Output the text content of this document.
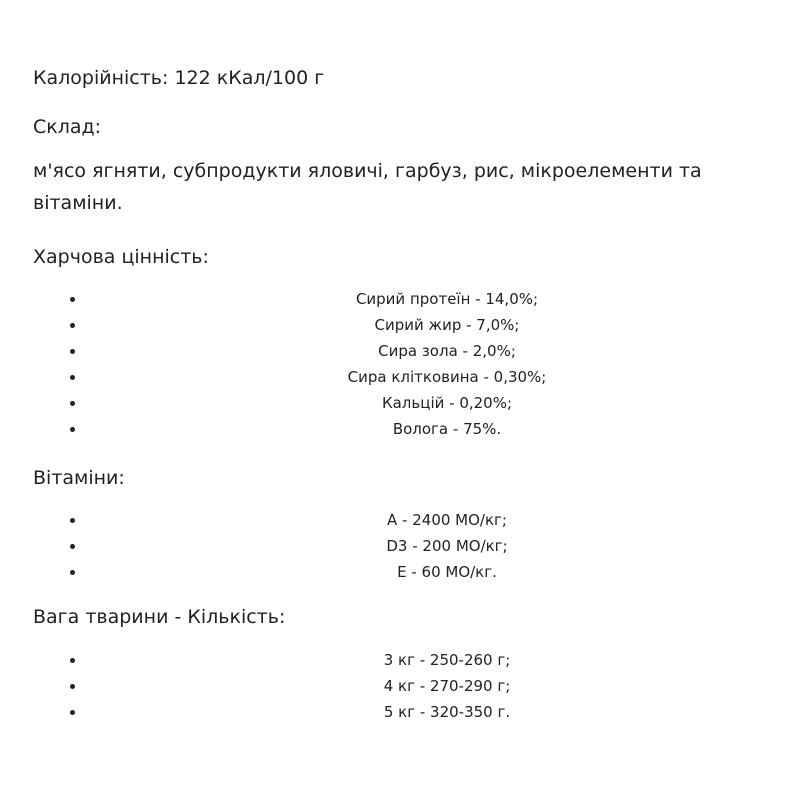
Калорійність: 122 кКал/100 г

Склад:

м'ясо ягняти, субпродукти яловичі, гарбуз, рис, мікроелементи та вітаміни.

Харчова цінність:

Сирий протеїн - 14,0%;
Сирий жир - 7,0%;
Сира зола - 2,0%;
Сира клітковина - 0,30%;
Кальцій - 0,20%;
Волога - 75%.

Вітаміни:

А - 2400 МО/кг;
D3 - 200 МО/кг;
Е - 60 МО/кг.

Вага тварини - Кількість:

3 кг - 250-260 г;
4 кг - 270-290 г;
5 кг - 320-350 г.
